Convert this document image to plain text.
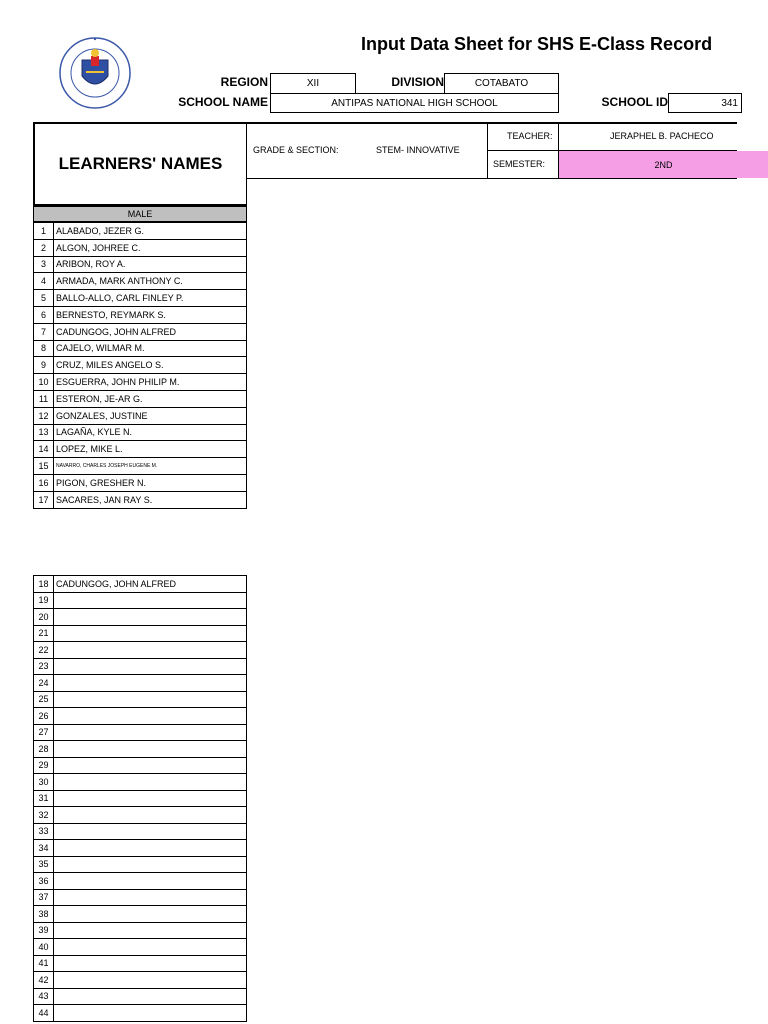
Input Data Sheet for SHS E-Class Record
REGION	XII	DIVISION	COTABATO
SCHOOL NAME	ANTIPAS NATIONAL HIGH SCHOOL	SCHOOL ID	341
LEARNERS' NAMES
GRADE & SECTION:	STEM- INNOVATIVE
TEACHER:	JERAPHEL B. PACHECO
SEMESTER:	2ND
MALE
1	ALABADO, JEZER G.
2	ALGON, JOHREE C.
3	ARIBON, ROY A.
4	ARMADA, MARK ANTHONY C.
5	BALLO-ALLO, CARL FINLEY P.
6	BERNESTO, REYMARK S.
7	CADUNGOG, JOHN ALFRED
8	CAJELO, WILMAR M.
9	CRUZ, MILES ANGELO S.
10	ESGUERRA, JOHN PHILIP M.
11	ESTERON, JE-AR G.
12	GONZALES, JUSTINE
13	LAGAÑA, KYLE N.
14	LOPEZ, MIKE L.
15	NAVARRO, CHARLES JOSEPH EUGENE M.
16	PIGON, GRESHER N.
17	SACARES, JAN RAY S.
18	CADUNGOG, JOHN ALFRED
19	
20	
21	
22	
23	
24	
25	
26	
27	
28	
29	
30	
31	
32	
33	
34	
35	
36	
37	
38	
39	
40	
41	
42	
43	
44	
